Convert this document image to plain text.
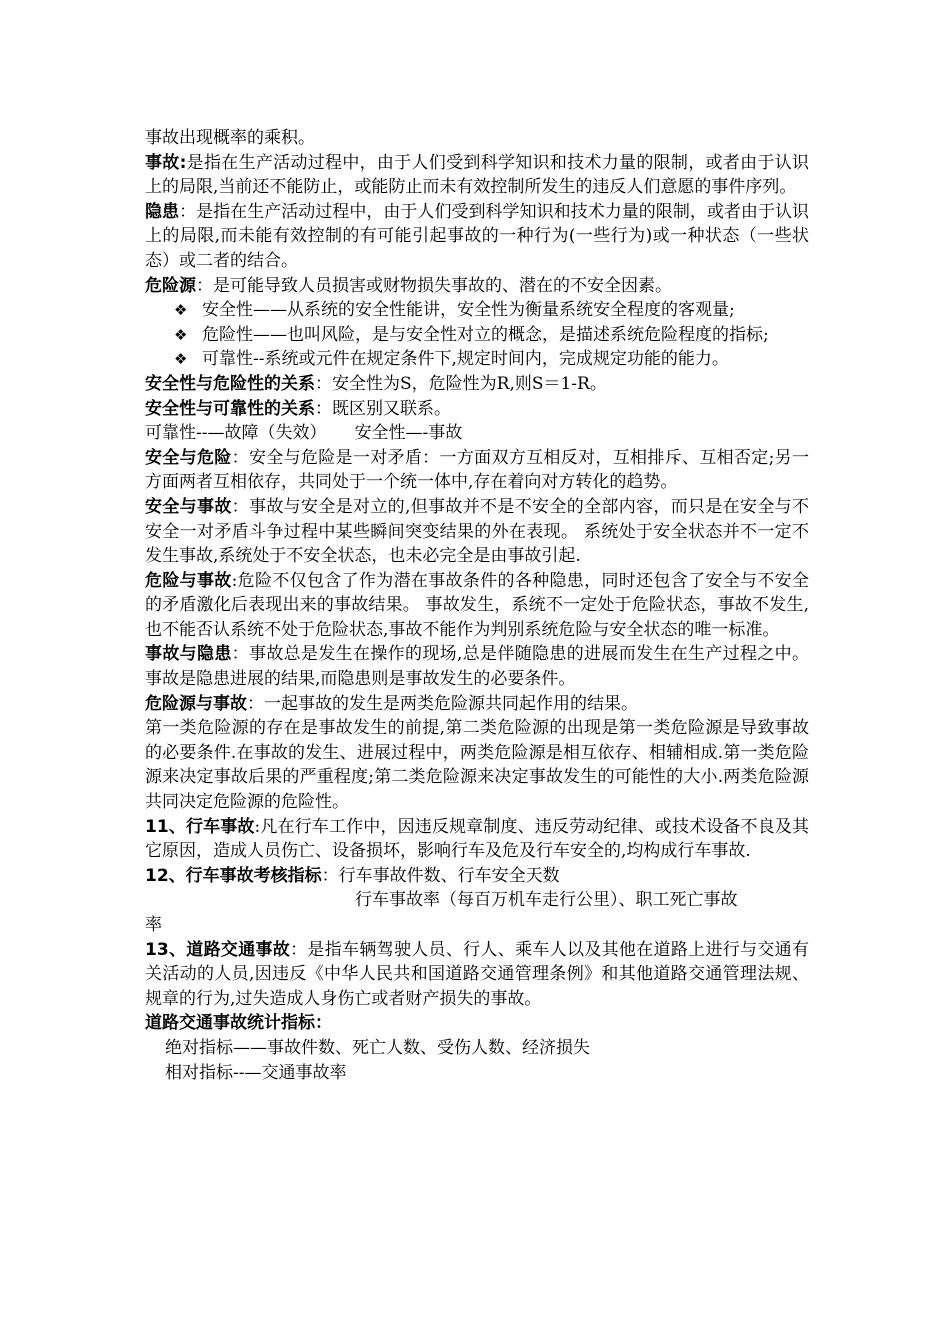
事故出现概率的乘积。

事故:是指在生产活动过程中，由于人们受到科学知识和技术力量的限制，或者由于认识上的局限,当前还不能防止，或能防止而未有效控制所发生的违反人们意愿的事件序列。

隐患：是指在生产活动过程中，由于人们受到科学知识和技术力量的限制，或者由于认识上的局限,而未能有效控制的有可能引起事故的一种行为(一些行为)或一种状态（一些状态）或二者的结合。

危险源：是可能导致人员损害或财物损失事故的、潜在的不安全因素。

❖ 安全性——从系统的安全性能讲，安全性为衡量系统安全程度的客观量;

❖ 危险性——也叫风险，是与安全性对立的概念，是描述系统危险程度的指标;

❖ 可靠性--系统或元件在规定条件下,规定时间内，完成规定功能的能力。

安全性与危险性的关系：安全性为S，危险性为R,则S＝1-R。

安全性与可靠性的关系：既区别又联系。

可靠性--—故障（失效） 安全性—-事故

安全与危险：安全与危险是一对矛盾：一方面双方互相反对，互相排斥、互相否定;另一方面两者互相依存，共同处于一个统一体中,存在着向对方转化的趋势。

安全与事故：事故与安全是对立的,但事故并不是不安全的全部内容，而只是在安全与不安全一对矛盾斗争过程中某些瞬间突变结果的外在表现。 系统处于安全状态并不一定不发生事故,系统处于不安全状态，也未必完全是由事故引起.

危险与事故:危险不仅包含了作为潜在事故条件的各种隐患，同时还包含了安全与不安全的矛盾激化后表现出来的事故结果。 事故发生，系统不一定处于危险状态，事故不发生,也不能否认系统不处于危险状态,事故不能作为判别系统危险与安全状态的唯一标准。

事故与隐患：事故总是发生在操作的现场,总是伴随隐患的进展而发生在生产过程之中。事故是隐患进展的结果,而隐患则是事故发生的必要条件。

危险源与事故：一起事故的发生是两类危险源共同起作用的结果。

第一类危险源的存在是事故发生的前提,第二类危险源的出现是第一类危险源是导致事故的必要条件.在事故的发生、进展过程中，两类危险源是相互依存、相辅相成.第一类危险源来决定事故后果的严重程度;第二类危险源来决定事故发生的可能性的大小.两类危险源共同决定危险源的危险性。

11、行车事故:凡在行车工作中，因违反规章制度、违反劳动纪律、或技术设备不良及其它原因，造成人员伤亡、设备损坏，影响行车及危及行车安全的,均构成行车事故.

12、行车事故考核指标：行车事故件数、行车安全天数

行车事故率（每百万机车走行公里）、职工死亡事故

率

13、道路交通事故：是指车辆驾驶人员、行人、乘车人以及其他在道路上进行与交通有关活动的人员,因违反《中华人民共和国道路交通管理条例》和其他道路交通管理法规、规章的行为,过失造成人身伤亡或者财产损失的事故。

道路交通事故统计指标：

绝对指标——事故件数、死亡人数、受伤人数、经济损失

相对指标--—交通事故率
